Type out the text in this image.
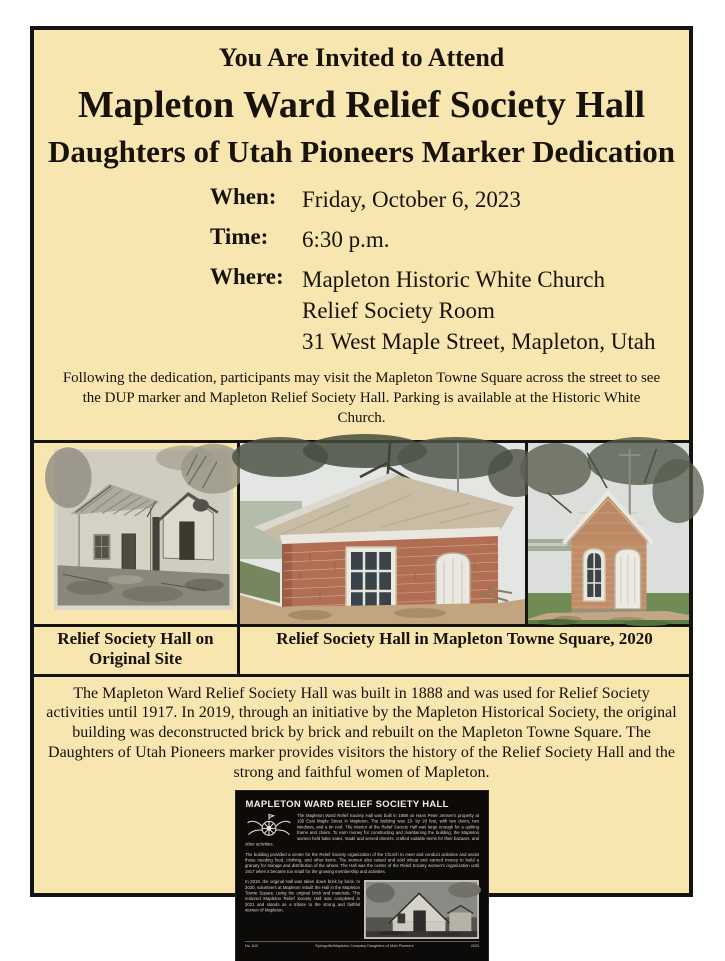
You Are Invited to Attend
Mapleton Ward Relief Society Hall
Daughters of Utah Pioneers Marker Dedication
When:	Friday, October 6, 2023
Time:	6:30 p.m.
Where: Mapleton Historic White Church
Relief Society Room
31 West Maple Street, Mapleton, Utah
Following the dedication, participants may visit the Mapleton Towne Square across the street to see the DUP marker and Mapleton Relief Society Hall. Parking is available at the Historic White Church.
Relief Society Hall on Original Site
Relief Society Hall in Mapleton Towne Square, 2020
The Mapleton Ward Relief Society Hall was built in 1888 and was used for Relief Society activities until 1917. In 2019, through an initiative by the Mapleton Historical Society, the original building was deconstructed brick by brick and rebuilt on the Mapleton Towne Square. The Daughters of Utah Pioneers marker provides visitors the history of the Relief Society Hall and the strong and faithful women of Mapleton.
MAPLETON WARD RELIEF SOCIETY HALL

The Mapleton Ward Relief Society Hall was built in 1888 on Hans Peter Jensen's property at 195 East Maple Street in Mapleton. The building was 15- by 20 feet, with two doors, two windows, and a tin roof. The interior of the Relief Society Hall was large enough for a quilting frame and chairs. To earn money for constructing and maintaining the building, the Mapleton women held bake sales, made and served dinners, crafted suitable items for their bazaars, and other activities.

The building provided a center for the Relief Society organization of the Church to meet and conduct activities and assist those needing food, clothing, and other items. The women also raised and sold wheat and earned money to build a granary for storage and distribution of the wheat. The Hall was the center of the Relief Society women's organization until 1917 when it became too small for the growing membership and activities.

In 2019, the original Hall was taken down brick by brick. In 2020, volunteers at Mapleton rebuilt the Hall in the Mapleton Towne Square, using the original brick and materials. The restored Mapleton Relief Society Hall was completed in 2021 and stands as a tribute to the strong and faithful women of Mapleton.

No. 610	Springville/Mapleton Company Daughters of Utah Pioneers	2023
